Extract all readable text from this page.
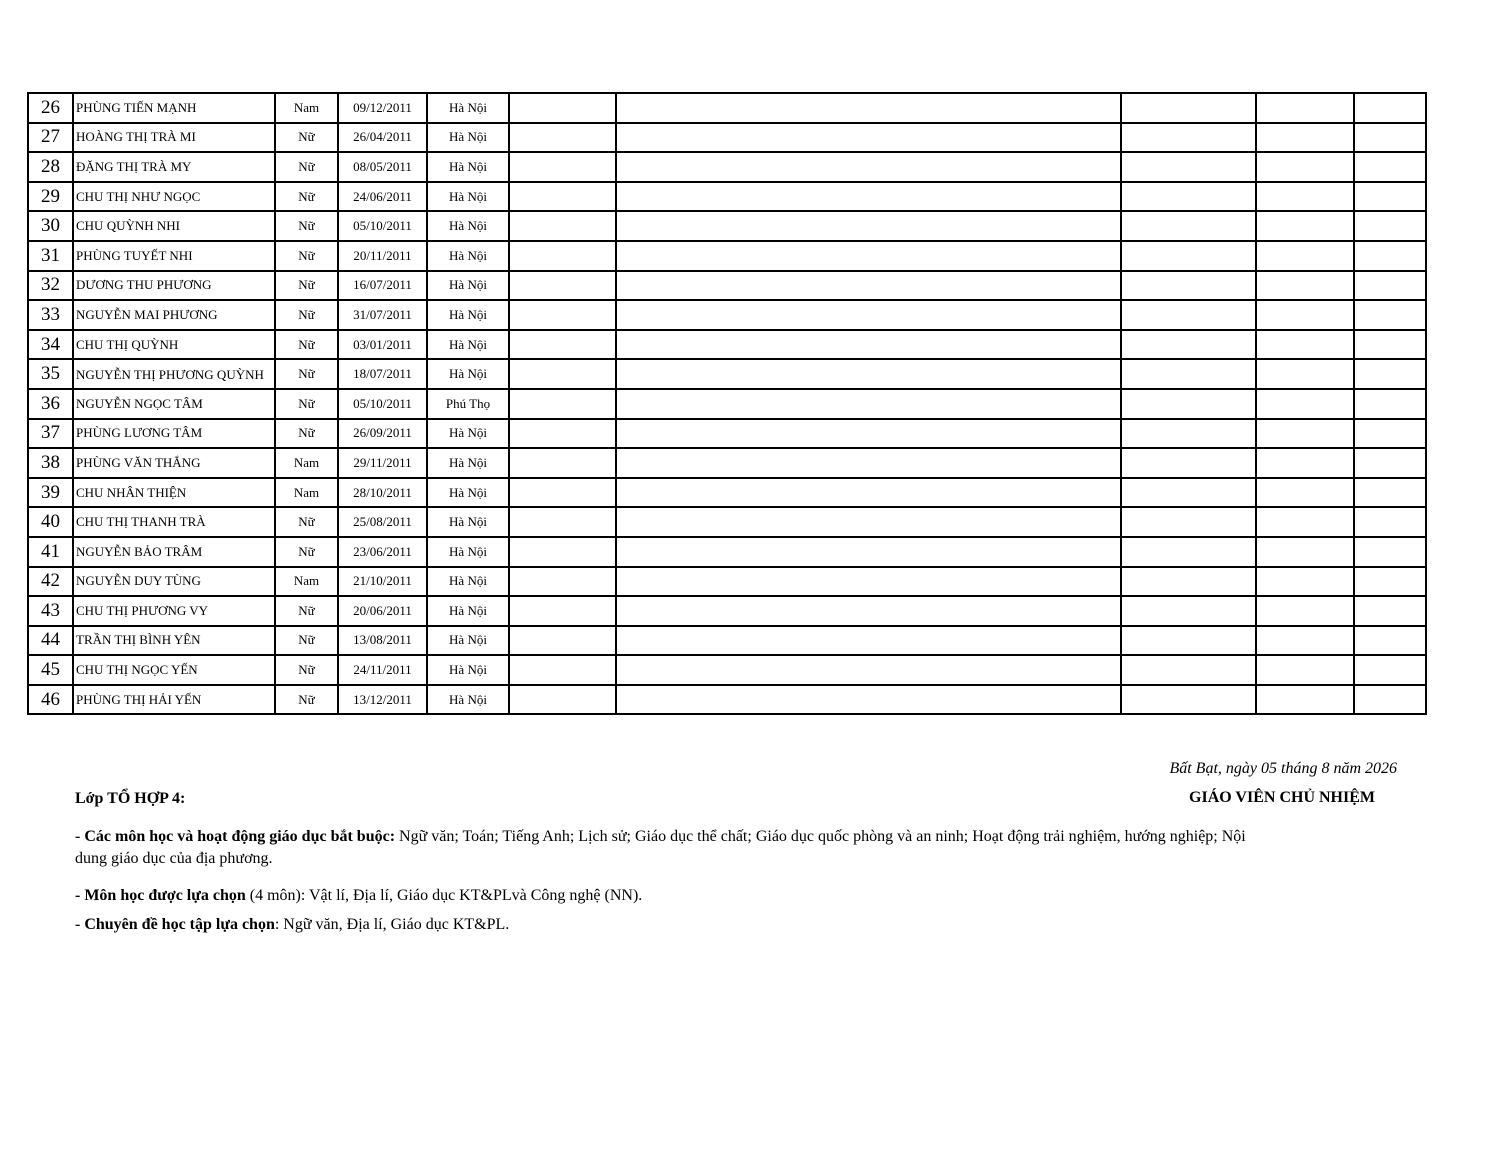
26	PHÙNG TIẾN MẠNH	Nam	09/12/2011	Hà Nội					
27	HOÀNG THỊ TRÀ MI	Nữ	26/04/2011	Hà Nội					
28	ĐẶNG THỊ TRÀ MY	Nữ	08/05/2011	Hà Nội					
29	CHU THỊ NHƯ NGỌC	Nữ	24/06/2011	Hà Nội					
30	CHU QUỲNH NHI	Nữ	05/10/2011	Hà Nội					
31	PHÙNG TUYẾT NHI	Nữ	20/11/2011	Hà Nội					
32	DƯƠNG THU PHƯƠNG	Nữ	16/07/2011	Hà Nội					
33	NGUYỄN MAI PHƯƠNG	Nữ	31/07/2011	Hà Nội					
34	CHU THỊ QUỲNH	Nữ	03/01/2011	Hà Nội					
35	NGUYỄN THỊ PHƯƠNG QUỲNH	Nữ	18/07/2011	Hà Nội					
36	NGUYỄN NGỌC TÂM	Nữ	05/10/2011	Phú Thọ					
37	PHÙNG LƯƠNG TÂM	Nữ	26/09/2011	Hà Nội					
38	PHÙNG VĂN THẮNG	Nam	29/11/2011	Hà Nội					
39	CHU NHÂN THIỆN	Nam	28/10/2011	Hà Nội					
40	CHU THỊ THANH TRÀ	Nữ	25/08/2011	Hà Nội					
41	NGUYỄN BẢO TRÂM	Nữ	23/06/2011	Hà Nội					
42	NGUYỄN DUY TÙNG	Nam	21/10/2011	Hà Nội					
43	CHU THỊ PHƯƠNG VY	Nữ	20/06/2011	Hà Nội					
44	TRẦN THỊ BÌNH YÊN	Nữ	13/08/2011	Hà Nội					
45	CHU THỊ NGỌC YẾN	Nữ	24/11/2011	Hà Nội					
46	PHÙNG THỊ HẢI YẾN	Nữ	13/12/2011	Hà Nội					
Bất Bạt, ngày 05 tháng 8 năm 2026
Lớp TỔ HỢP 4:	GIÁO VIÊN CHỦ NHIỆM
- Các môn học và hoạt động giáo dục bắt buộc: Ngữ văn; Toán; Tiếng Anh; Lịch sử; Giáo dục thể chất; Giáo dục quốc phòng và an ninh; Hoạt động trải nghiệm, hướng nghiệp; Nội dung giáo dục của địa phương.
- Môn học được lựa chọn (4 môn): Vật lí, Địa lí, Giáo dục KT&PLvà Công nghệ (NN).
- Chuyên đề học tập lựa chọn: Ngữ văn, Địa lí, Giáo dục KT&PL.
